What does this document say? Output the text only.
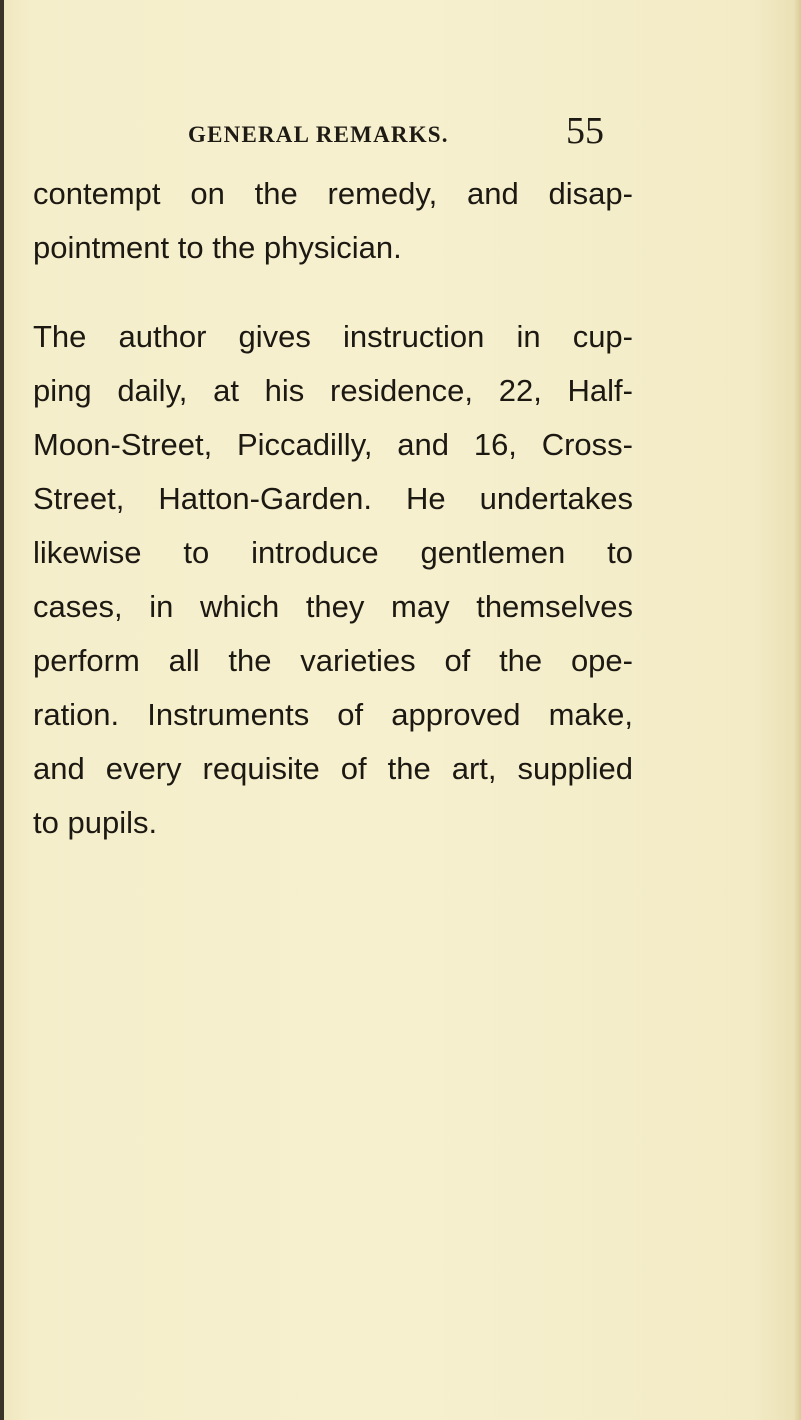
GENERAL REMARKS.	55

contempt on the remedy, and disap-
pointment to the physician.

The author gives instruction in cup-
ping daily, at his residence, 22, Half-
Moon-Street, Piccadilly, and 16, Cross-
Street, Hatton-Garden. He undertakes
likewise to introduce gentlemen to
cases, in which they may themselves
perform all the varieties of the ope-
ration. Instruments of approved make,
and every requisite of the art, supplied
to pupils.
